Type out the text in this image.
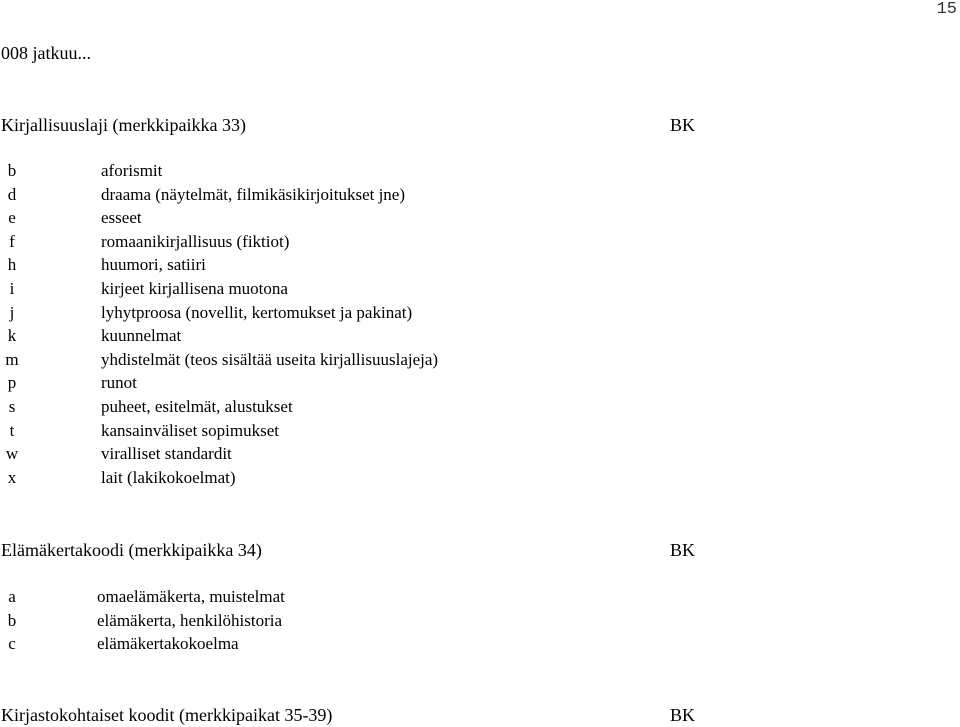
15
008 jatkuu...
Kirjallisuuslaji (merkkipaikka 33)	BK
b	aforismit
d	draama (näytelmät, filmikäsikirjoitukset jne)
e	esseet
f	romaanikirjallisuus (fiktiot)
h	huumori, satiiri
i	kirjeet kirjallisena muotona
j	lyhytproosa (novellit, kertomukset ja pakinat)
k	kuunnelmat
m	yhdistelmät (teos sisältää useita kirjallisuuslajeja)
p	runot
s	puheet, esitelmät, alustukset
t	kansainväliset sopimukset
w	viralliset standardit
x	lait (lakikokoelmat)
Elämäkertakoodi (merkkipaikka 34)	BK
a	omaelämäkerta, muistelmat
b	elämäkerta, henkilöhistoria
c	elämäkertakokoelma
Kirjastokohtaiset koodit (merkkipaikat 35-39)	BK
